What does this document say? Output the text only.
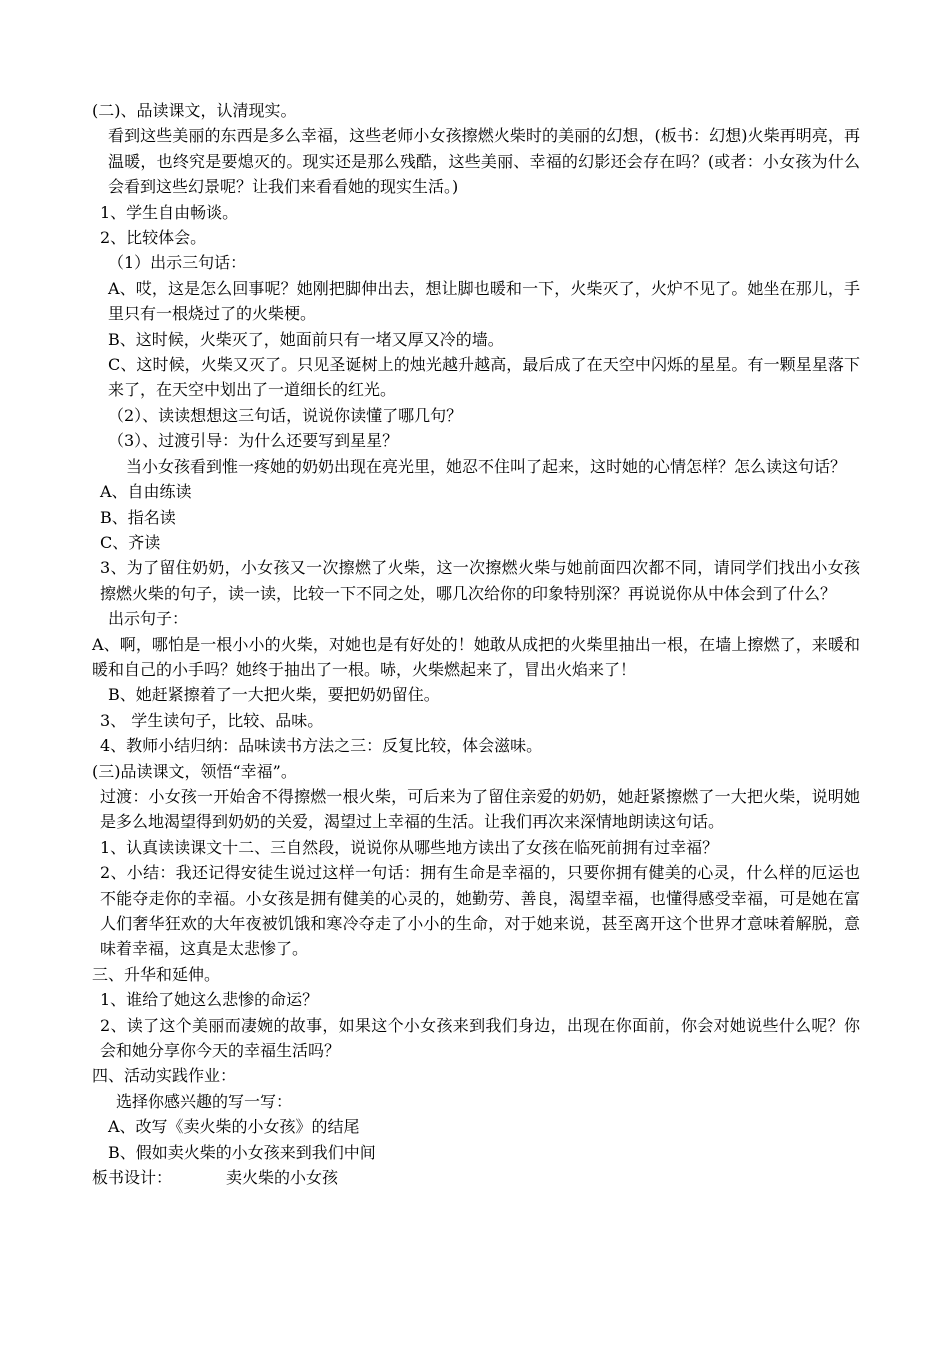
(二)、品读课文，认清现实。

看到这些美丽的东西是多么幸福，这些老师小女孩擦燃火柴时的美丽的幻想，(板书：幻想)火柴再明亮，再温暖，也终究是要熄灭的。现实还是那么残酷，这些美丽、幸福的幻影还会存在吗？(或者：小女孩为什么会看到这些幻景呢？让我们来看看她的现实生活。)

1、学生自由畅谈。

2、比较体会。

（1）出示三句话：

A、哎，这是怎么回事呢？她刚把脚伸出去，想让脚也暖和一下，火柴灭了，火炉不见了。她坐在那儿，手里只有一根烧过了的火柴梗。

B、这时候，火柴灭了，她面前只有一堵又厚又冷的墙。

C、这时候，火柴又灭了。只见圣诞树上的烛光越升越高，最后成了在天空中闪烁的星星。有一颗星星落下来了，在天空中划出了一道细长的红光。

（2）、读读想想这三句话，说说你读懂了哪几句？

（3）、过渡引导：为什么还要写到星星？

当小女孩看到惟一疼她的奶奶出现在亮光里，她忍不住叫了起来，这时她的心情怎样？怎么读这句话？

A、自由练读

B、指名读

C、齐读

3、为了留住奶奶，小女孩又一次擦燃了火柴，这一次擦燃火柴与她前面四次都不同，请同学们找出小女孩擦燃火柴的句子，读一读，比较一下不同之处，哪几次给你的印象特别深？再说说你从中体会到了什么？

出示句子：

A、啊，哪怕是一根小小的火柴，对她也是有好处的！她敢从成把的火柴里抽出一根，在墙上擦燃了，来暖和暖和自己的小手吗？她终于抽出了一根。哧，火柴燃起来了，冒出火焰来了！

B、她赶紧擦着了一大把火柴，要把奶奶留住。

3、 学生读句子，比较、品味。

4、教师小结归纳：品味读书方法之三：反复比较，体会滋味。

(三)品读课文，领悟“幸福”。

过渡：小女孩一开始舍不得擦燃一根火柴，可后来为了留住亲爱的奶奶，她赶紧擦燃了一大把火柴，说明她是多么地渴望得到奶奶的关爱，渴望过上幸福的生活。让我们再次来深情地朗读这句话。

1、认真读读课文十二、三自然段，说说你从哪些地方读出了女孩在临死前拥有过幸福？

2、小结：我还记得安徒生说过这样一句话：拥有生命是幸福的，只要你拥有健美的心灵，什么样的厄运也不能夺走你的幸福。小女孩是拥有健美的心灵的，她勤劳、善良，渴望幸福，也懂得感受幸福，可是她在富人们奢华狂欢的大年夜被饥饿和寒冷夺走了小小的生命，对于她来说，甚至离开这个世界才意味着解脱，意味着幸福，这真是太悲惨了。

三、升华和延伸。

1、谁给了她这么悲惨的命运？

2、读了这个美丽而凄婉的故事，如果这个小女孩来到我们身边，出现在你面前，你会对她说些什么呢？你会和她分享你今天的幸福生活吗？

四、活动实践作业：

选择你感兴趣的写一写：

A、改写《卖火柴的小女孩》的结尾

B、假如卖火柴的小女孩来到我们中间

板书设计：	卖火柴的小女孩
